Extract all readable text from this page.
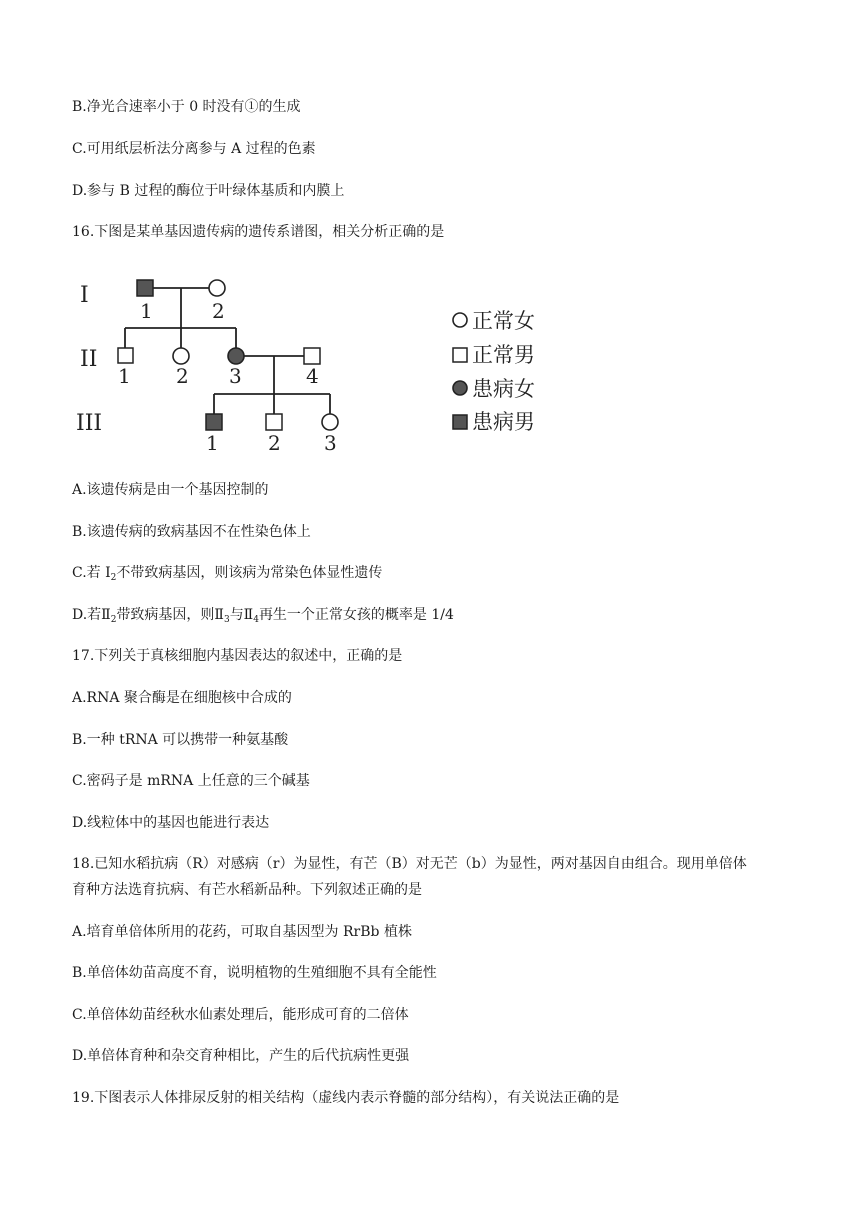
B.净光合速率小于 0 时没有①的生成
C.可用纸层析法分离参与 A 过程的色素
D.参与 B 过程的酶位于叶绿体基质和内膜上
16.下图是某单基因遗传病的遗传系谱图，相关分析正确的是
I
II
III
1	2
1 2 3	4
1 2 3
正常女
正常男
患病女
患病男
A.该遗传病是由一个基因控制的
B.该遗传病的致病基因不在性染色体上
C.若 $I_2$不带致病基因，则该病为常染色体显性遗传
D.若$Ⅱ_2$带致病基因，则$Ⅱ_3$与$Ⅱ_4$再生一个正常女孩的概率是 1/4
17.下列关于真核细胞内基因表达的叙述中，正确的是
A.RNA 聚合酶是在细胞核中合成的
B.一种 tRNA 可以携带一种氨基酸
C.密码子是 mRNA 上任意的三个碱基
D.线粒体中的基因也能进行表达
18.已知水稻抗病（R）对感病（r）为显性，有芒（B）对无芒（b）为显性，两对基因自由组合。现用单倍体
育种方法选育抗病、有芒水稻新品种。下列叙述正确的是
A.培育单倍体所用的花药，可取自基因型为 RrBb 植株
B.单倍体幼苗高度不育，说明植物的生殖细胞不具有全能性
C.单倍体幼苗经秋水仙素处理后，能形成可育的二倍体
D.单倍体育种和杂交育种相比，产生的后代抗病性更强
19.下图表示人体排尿反射的相关结构（虚线内表示脊髓的部分结构），有关说法正确的是
